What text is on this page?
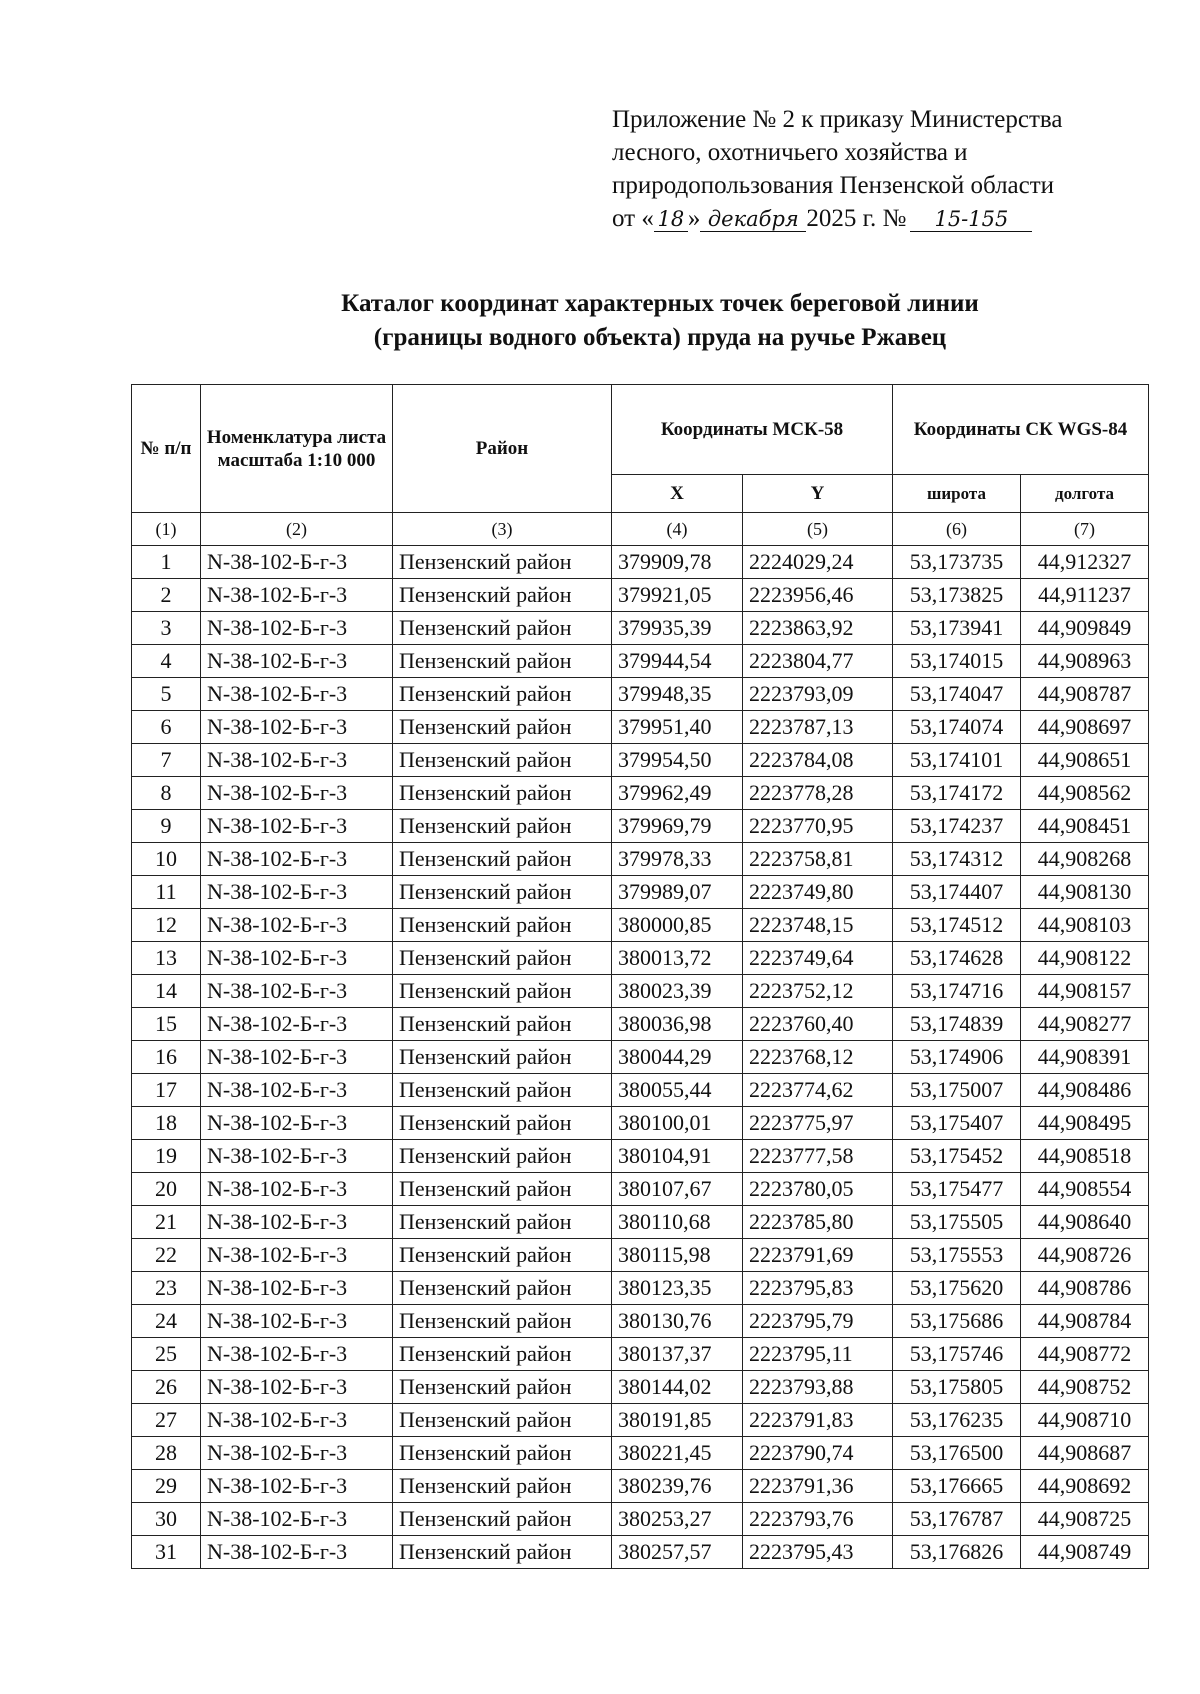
Приложение № 2 к приказу Министерства
лесного, охотничьего хозяйства и
природопользования Пензенской области
от « 18 » декабря 2025 г. № 15-155
Каталог координат характерных точек береговой линии
(границы водного объекта) пруда на ручье Ржавец
№ п/п	Номенклатура листа масштаба 1:10 000	Район	Координаты МСК-58		Координаты СК WGS-84	
			X	Y	широта	долгота
(1)	(2)	(3)	(4)	(5)	(6)	(7)
1	N-38-102-Б-г-3	Пензенский район	379909,78	2224029,24	53,173735	44,912327
2	N-38-102-Б-г-3	Пензенский район	379921,05	2223956,46	53,173825	44,911237
3	N-38-102-Б-г-3	Пензенский район	379935,39	2223863,92	53,173941	44,909849
4	N-38-102-Б-г-3	Пензенский район	379944,54	2223804,77	53,174015	44,908963
5	N-38-102-Б-г-3	Пензенский район	379948,35	2223793,09	53,174047	44,908787
6	N-38-102-Б-г-3	Пензенский район	379951,40	2223787,13	53,174074	44,908697
7	N-38-102-Б-г-3	Пензенский район	379954,50	2223784,08	53,174101	44,908651
8	N-38-102-Б-г-3	Пензенский район	379962,49	2223778,28	53,174172	44,908562
9	N-38-102-Б-г-3	Пензенский район	379969,79	2223770,95	53,174237	44,908451
10	N-38-102-Б-г-3	Пензенский район	379978,33	2223758,81	53,174312	44,908268
11	N-38-102-Б-г-3	Пензенский район	379989,07	2223749,80	53,174407	44,908130
12	N-38-102-Б-г-3	Пензенский район	380000,85	2223748,15	53,174512	44,908103
13	N-38-102-Б-г-3	Пензенский район	380013,72	2223749,64	53,174628	44,908122
14	N-38-102-Б-г-3	Пензенский район	380023,39	2223752,12	53,174716	44,908157
15	N-38-102-Б-г-3	Пензенский район	380036,98	2223760,40	53,174839	44,908277
16	N-38-102-Б-г-3	Пензенский район	380044,29	2223768,12	53,174906	44,908391
17	N-38-102-Б-г-3	Пензенский район	380055,44	2223774,62	53,175007	44,908486
18	N-38-102-Б-г-3	Пензенский район	380100,01	2223775,97	53,175407	44,908495
19	N-38-102-Б-г-3	Пензенский район	380104,91	2223777,58	53,175452	44,908518
20	N-38-102-Б-г-3	Пензенский район	380107,67	2223780,05	53,175477	44,908554
21	N-38-102-Б-г-3	Пензенский район	380110,68	2223785,80	53,175505	44,908640
22	N-38-102-Б-г-3	Пензенский район	380115,98	2223791,69	53,175553	44,908726
23	N-38-102-Б-г-3	Пензенский район	380123,35	2223795,83	53,175620	44,908786
24	N-38-102-Б-г-3	Пензенский район	380130,76	2223795,79	53,175686	44,908784
25	N-38-102-Б-г-3	Пензенский район	380137,37	2223795,11	53,175746	44,908772
26	N-38-102-Б-г-3	Пензенский район	380144,02	2223793,88	53,175805	44,908752
27	N-38-102-Б-г-3	Пензенский район	380191,85	2223791,83	53,176235	44,908710
28	N-38-102-Б-г-3	Пензенский район	380221,45	2223790,74	53,176500	44,908687
29	N-38-102-Б-г-3	Пензенский район	380239,76	2223791,36	53,176665	44,908692
30	N-38-102-Б-г-3	Пензенский район	380253,27	2223793,76	53,176787	44,908725
31	N-38-102-Б-г-3	Пензенский район	380257,57	2223795,43	53,176826	44,908749
